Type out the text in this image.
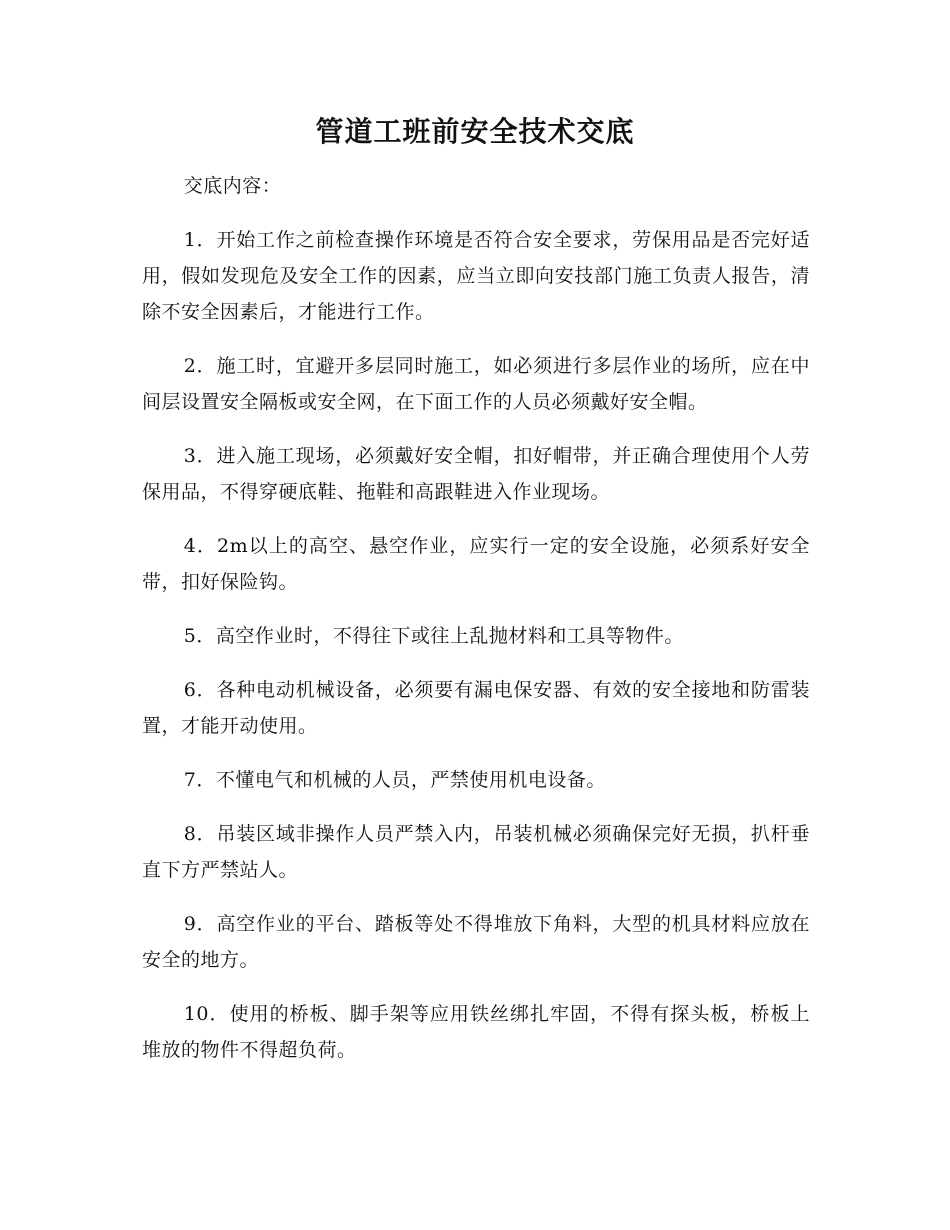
管道工班前安全技术交底

交底内容：

1．开始工作之前检查操作环境是否符合安全要求，劳保用品是否完好适用，假如发现危及安全工作的因素，应当立即向安技部门施工负责人报告，清除不安全因素后，才能进行工作。

2．施工时，宜避开多层同时施工，如必须进行多层作业的场所，应在中间层设置安全隔板或安全网，在下面工作的人员必须戴好安全帽。

3．进入施工现场，必须戴好安全帽，扣好帽带，并正确合理使用个人劳保用品，不得穿硬底鞋、拖鞋和高跟鞋进入作业现场。

4．2m以上的高空、悬空作业，应实行一定的安全设施，必须系好安全带，扣好保险钩。

5．高空作业时，不得往下或往上乱抛材料和工具等物件。

6．各种电动机械设备，必须要有漏电保安器、有效的安全接地和防雷装置，才能开动使用。

7．不懂电气和机械的人员，严禁使用机电设备。

8．吊装区域非操作人员严禁入内，吊装机械必须确保完好无损，扒杆垂直下方严禁站人。

9．高空作业的平台、踏板等处不得堆放下角料，大型的机具材料应放在安全的地方。

10．使用的桥板、脚手架等应用铁丝绑扎牢固，不得有探头板，桥板上堆放的物件不得超负荷。
